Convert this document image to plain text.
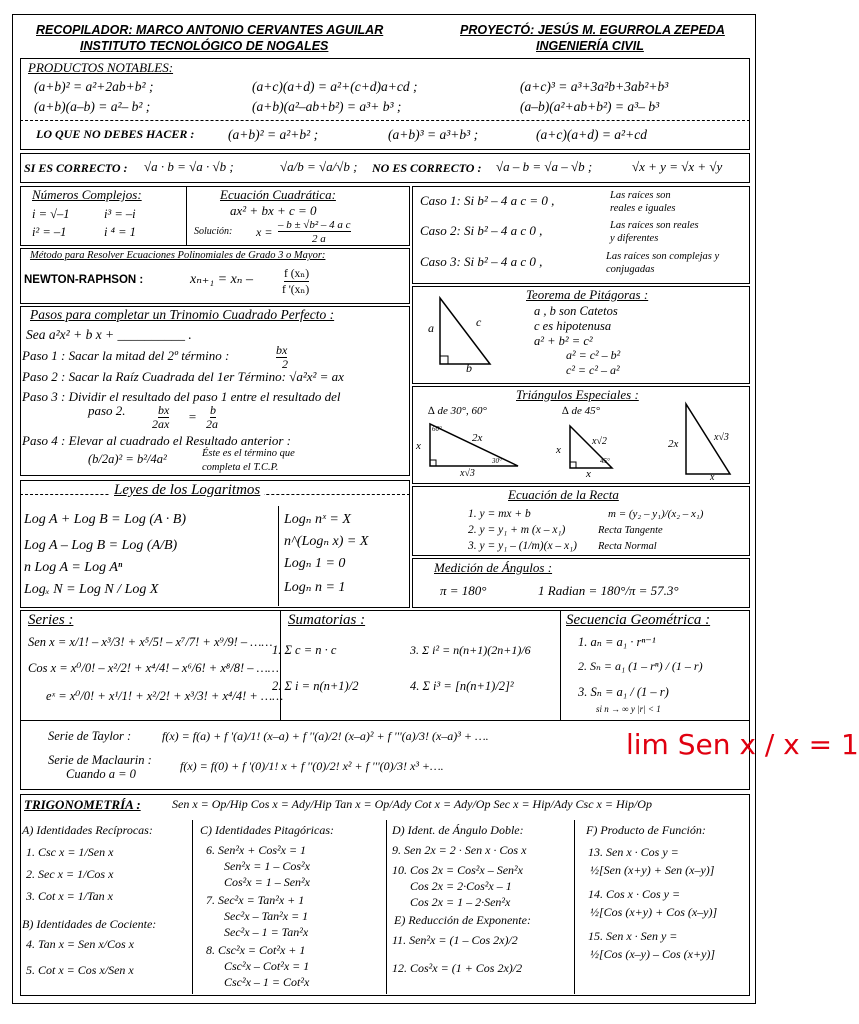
RECOPILADOR: MARCO ANTONIO CERVANTES AGUILAR
INSTITUTO TECNOLÓGICO DE NOGALES
PROYECTÓ: JESÚS M. EGURROLA ZEPEDA
INGENIERÍA CIVIL
PRODUCTOS NOTABLES:
(a+b)² = a²+2ab+b² ;	(a+c)(a+d) = a²+(c+d)a+cd ;	(a+c)³ = a³+3a²b+3ab²+b³
(a+b)(a–b) = a²– b² ;	(a+b)(a²–ab+b²) = a³+ b³ ;	(a–b)(a²+ab+b²) = a³– b³
LO QUE NO DEBES HACER : (a+b)² = a²+b² ;	(a+b)³ = a³+b³ ;	(a+c)(a+d) = a²+cd
SI ES CORRECTO : √a · b = √a · √b ;	√a/b = √a/√b ; NO ES CORRECTO : √a – b = √a – √b ;	√x + y = √x + √y
Números Complejos:
i = √–1
i² = –1
i³ = –i
i ⁴ = 1
Ecuación Cuadrática:
ax² + bx + c = 0
Solución: x = – b ± √b² – 4 a c
2 a
Caso 1: Si b² – 4 a c = 0 ,	Las raíces son
reales e iguales
Caso 2: Si b² – 4 a c 0 ,	Las raíces son reales
y diferentes
Caso 3: Si b² – 4 a c 0 ,	Las raíces son complejas y
conjugadas
Método para Resolver Ecuaciones Polinomiales de Grado 3 o Mayor:
NEWTON-RAPHSON :	xₙ₊₁ = xₙ –	f (xₙ)
f '(xₙ)
Pasos para completar un Trinomio Cuadrado Perfecto :
Sea a²x² + b x + __________ .
Paso 1 : Sacar la mitad del 2º término :	bx
2
Paso 2 : Sacar la Raíz Cuadrada del 1er Término: √a²x² = ax
Paso 3 : Dividir el resultado del paso 1 entre el resultado del
paso 2.	bx
2ax = b
2a
Paso 4 : Elevar al cuadrado el Resultado anterior :
(b/2a)² = b²/4a²	Éste es el término que
completa el T.C.P.
a	c
b
Teorema de Pitágoras :
a , b son Catetos
c es hipotenusa
a² + b² = c²
a² = c² – b²
c² = c² – a²
Triángulos Especiales :
∆ de 30°, 60°	∆ de 45°
x
2x
x√3
60°
30°
x
x√2
x
45°
2x
x√3
x
Leyes de los Logaritmos
Log A + Log B = Log (A · B)
Log A – Log B = Log (A/B)
n Log A = Log Aⁿ
Logₓ N = Log N / Log X
Logₙ nˣ = X
n^(Logₙ x) = X
Logₙ 1 = 0
Logₙ n = 1
Ecuación de la Recta
1. y = mx + b	m = (y₂ – y₁)/(x₂ – x₁)
2. y = y₁ + m (x – x₁)	Recta Tangente
3. y = y₁ – (1/m)(x – x₁) Recta Normal
Medición de Ángulos :
π = 180°	1 Radian = 180°/π = 57.3°
Series :
Sen x = x/1! – x³/3! + x⁵/5! – x⁷/7! + x⁹/9! – ……
Cos x = x⁰/0! – x²/2! + x⁴/4! – x⁶/6! + x⁸/8! – ……
eˣ = x⁰/0! + x¹/1! + x²/2! + x³/3! + x⁴/4! + ……
Sumatorias :
1. Σ c = n · c	3. Σ i² = n(n+1)(2n+1)/6
2. Σ i = n(n+1)/2	4. Σ i³ = [n(n+1)/2]²
Secuencia Geométrica :
1. aₙ = a₁ · rⁿ⁻¹
2. Sₙ = a₁ (1 – rⁿ) / (1 – r)
3. Sₙ = a₁ / (1 – r)
si n → ∞ y |r| < 1
Serie de Taylor :	f(x) = f(a) + f '(a)/1! (x–a) + f ''(a)/2! (x–a)² + f '''(a)/3! (x–a)³ + ….
Serie de Maclaurin :
Cuando a = 0
f(x) = f(0) + f '(0)/1! x + f ''(0)/2! x² + f '''(0)/3! x³ +….
lim Sen x / x = 1
TRIGONOMETRÍA :	Sen x = Op/Hip Cos x = Ady/Hip Tan x = Op/Ady Cot x = Ady/Op Sec x = Hip/Ady Csc x = Hip/Op
A) Identidades Recíprocas:
1. Csc x = 1/Sen x
2. Sec x = 1/Cos x
3. Cot x = 1/Tan x
B) Identidades de Cociente:
4. Tan x = Sen x/Cos x
5. Cot x = Cos x/Sen x
C) Identidades Pitagóricas:
6. Sen²x + Cos²x = 1
Sen²x = 1 – Cos²x
Cos²x = 1 – Sen²x
7. Sec²x = Tan²x + 1
Sec²x – Tan²x = 1
Sec²x – 1 = Tan²x
8. Csc²x = Cot²x + 1
Csc²x – Cot²x = 1
Csc²x – 1 = Cot²x
D) Ident. de Ángulo Doble:
9. Sen 2x = 2 · Sen x · Cos x
10. Cos 2x = Cos²x – Sen²x
Cos 2x = 2·Cos²x – 1
Cos 2x = 1 – 2·Sen²x
E) Reducción de Exponente:
11. Sen²x = (1 – Cos 2x)/2
12. Cos²x = (1 + Cos 2x)/2
F) Producto de Función:
13. Sen x · Cos y =
½[Sen (x+y) + Sen (x–y)]
14. Cos x · Cos y =
½[Cos (x+y) + Cos (x–y)]
15. Sen x · Sen y =
½[Cos (x–y) – Cos (x+y)]
